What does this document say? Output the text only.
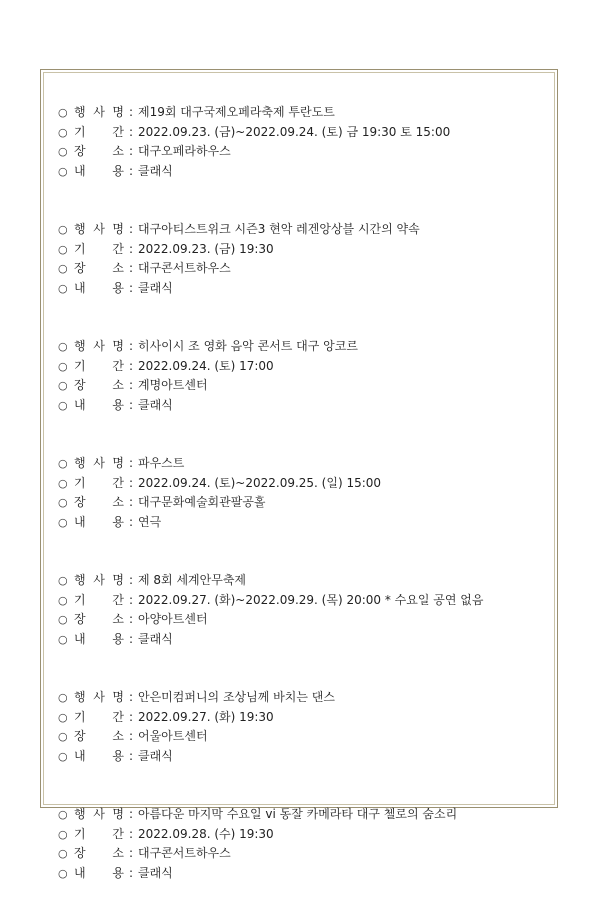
○ 행 사 명 : 제19회 대구국제오페라축제 투란도트
○ 기 간 : 2022.09.23. (금)~2022.09.24. (토) 금 19:30 토 15:00
○ 장 소 : 대구오페라하우스
○ 내 용 : 클래식
○ 행 사 명 : 대구아티스트위크 시즌3 현악 레겐앙상블 시간의 약속
○ 기 간 : 2022.09.23. (금) 19:30
○ 장 소 : 대구콘서트하우스
○ 내 용 : 클래식
○ 행 사 명 : 히사이시 조 영화 음악 콘서트 대구 앙코르
○ 기 간 : 2022.09.24. (토) 17:00
○ 장 소 : 계명아트센터
○ 내 용 : 클래식
○ 행 사 명 : 파우스트
○ 기 간 : 2022.09.24. (토)~2022.09.25. (일) 15:00
○ 장 소 : 대구문화예술회관팔공홀
○ 내 용 : 연극
○ 행 사 명 : 제 8회 세계안무축제
○ 기 간 : 2022.09.27. (화)~2022.09.29. (목) 20:00 * 수요일 공연 없음
○ 장 소 : 아양아트센터
○ 내 용 : 클래식
○ 행 사 명 : 안은미컴퍼니의 조상님께 바치는 댄스
○ 기 간 : 2022.09.27. (화) 19:30
○ 장 소 : 어울아트센터
○ 내 용 : 클래식
○ 행 사 명 : 아름다운 마지막 수요일 vi 동잘 카메라타 대구 첼로의 숨소리
○ 기 간 : 2022.09.28. (수) 19:30
○ 장 소 : 대구콘서트하우스
○ 내 용 : 클래식
